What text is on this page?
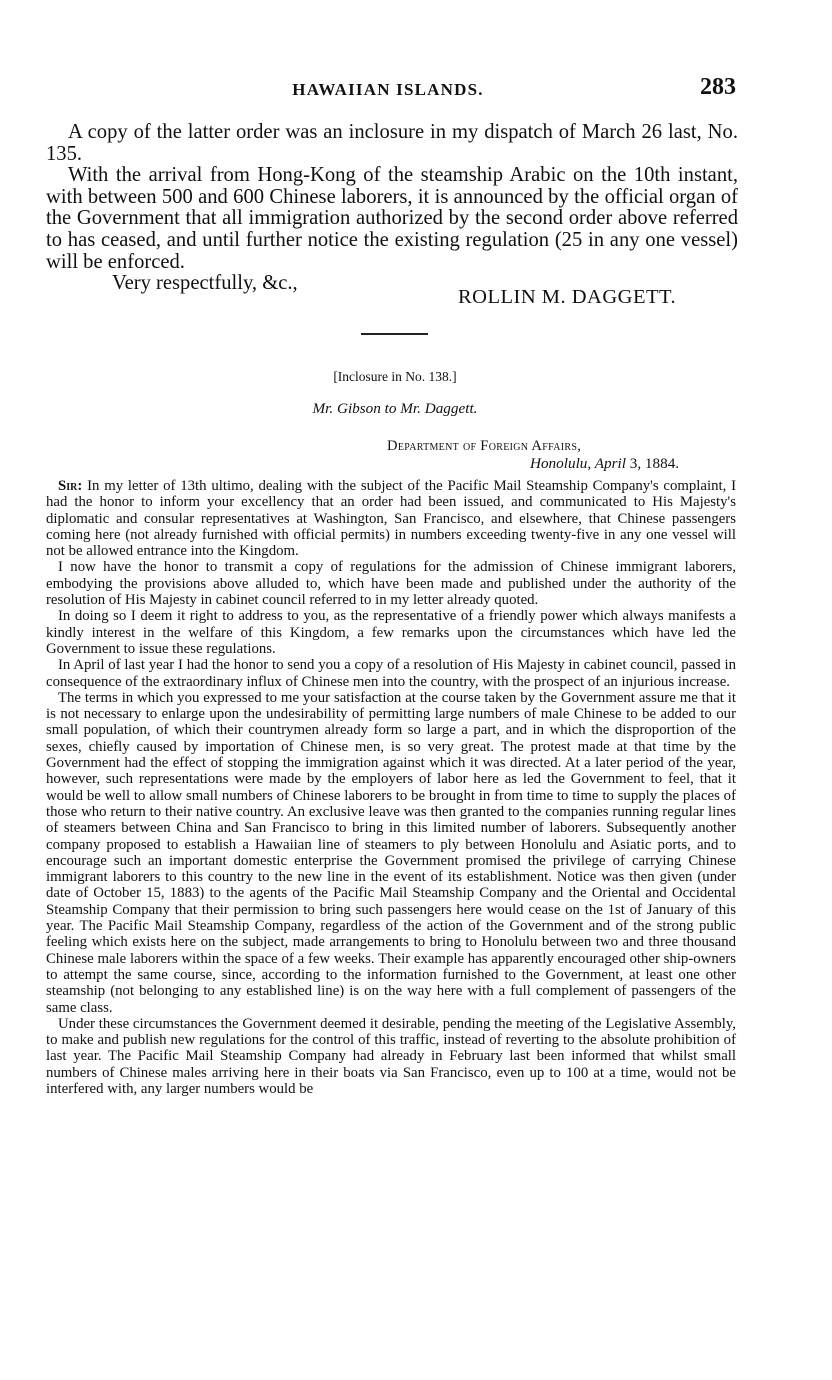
HAWAIIAN ISLANDS.	283

A copy of the latter order was an inclosure in my dispatch of March 26 last, No. 135.

With the arrival from Hong-Kong of the steamship Arabic on the 10th instant, with between 500 and 600 Chinese laborers, it is announced by the official organ of the Government that all immigration authorized by the second order above referred to has ceased, and until further notice the existing regulation (25 in any one vessel) will be enforced.

Very respectfully, &c.,

ROLLIN M. DAGGETT.
[Inclosure in No. 138.]
Mr. Gibson to Mr. Daggett.
Department of Foreign Affairs,
Honolulu, April 3, 1884.

Sir: In my letter of 13th ultimo, dealing with the subject of the Pacific Mail Steamship Company's complaint, I had the honor to inform your excellency that an order had been issued, and communicated to His Majesty's diplomatic and consular representatives at Washington, San Francisco, and elsewhere, that Chinese passengers coming here (not already furnished with official permits) in numbers exceeding twenty-five in any one vessel will not be allowed entrance into the Kingdom.

I now have the honor to transmit a copy of regulations for the admission of Chinese immigrant laborers, embodying the provisions above alluded to, which have been made and published under the authority of the resolution of His Majesty in cabinet council referred to in my letter already quoted.

In doing so I deem it right to address to you, as the representative of a friendly power which always manifests a kindly interest in the welfare of this Kingdom, a few remarks upon the circumstances which have led the Government to issue these regulations.

In April of last year I had the honor to send you a copy of a resolution of His Majesty in cabinet council, passed in consequence of the extraordinary influx of Chinese men into the country, with the prospect of an injurious increase.

The terms in which you expressed to me your satisfaction at the course taken by the Government assure me that it is not necessary to enlarge upon the undesirability of permitting large numbers of male Chinese to be added to our small population, of which their countrymen already form so large a part, and in which the disproportion of the sexes, chiefly caused by importation of Chinese men, is so very great. The protest made at that time by the Government had the effect of stopping the immigration against which it was directed. At a later period of the year, however, such representations were made by the employers of labor here as led the Government to feel, that it would be well to allow small numbers of Chinese laborers to be brought in from time to time to supply the places of those who return to their native country. An exclusive leave was then granted to the companies running regular lines of steamers between China and San Francisco to bring in this limited number of laborers. Subsequently another company proposed to establish a Hawaiian line of steamers to ply between Honolulu and Asiatic ports, and to encourage such an important domestic enterprise the Government promised the privilege of carrying Chinese immigrant laborers to this country to the new line in the event of its establishment. Notice was then given (under date of October 15, 1883) to the agents of the Pacific Mail Steamship Company and the Oriental and Occidental Steamship Company that their permission to bring such passengers here would cease on the 1st of January of this year. The Pacific Mail Steamship Company, regardless of the action of the Government and of the strong public feeling which exists here on the subject, made arrangements to bring to Honolulu between two and three thousand Chinese male laborers within the space of a few weeks. Their example has apparently encouraged other ship-owners to attempt the same course, since, according to the information furnished to the Government, at least one other steamship (not belonging to any established line) is on the way here with a full complement of passengers of the same class.

Under these circumstances the Government deemed it desirable, pending the meeting of the Legislative Assembly, to make and publish new regulations for the control of this traffic, instead of reverting to the absolute prohibition of last year. The Pacific Mail Steamship Company had already in February last been informed that whilst small numbers of Chinese males arriving here in their boats via San Francisco, even up to 100 at a time, would not be interfered with, any larger numbers would be
